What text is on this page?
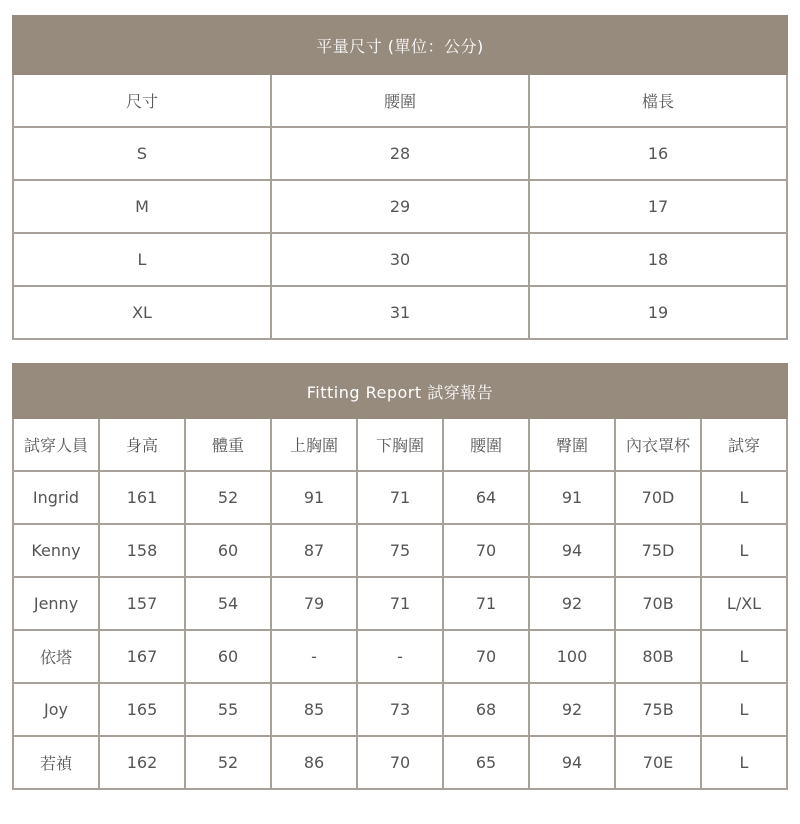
平量尺寸 (單位：公分)		
尺寸	腰圍	檔長
S	28	16
M	29	17
L	30	18
XL	31	19
Fitting Report 試穿報告								
試穿人員	身高	體重	上胸圍	下胸圍	腰圍	臀圍	內衣罩杯	試穿
Ingrid	161	52	91	71	64	91	70D	L
Kenny	158	60	87	75	70	94	75D	L
Jenny	157	54	79	71	71	92	70B	L/XL
依塔	167	60	-	-	70	100	80B	L
Joy	165	55	85	73	68	92	75B	L
若禎	162	52	86	70	65	94	70E	L
